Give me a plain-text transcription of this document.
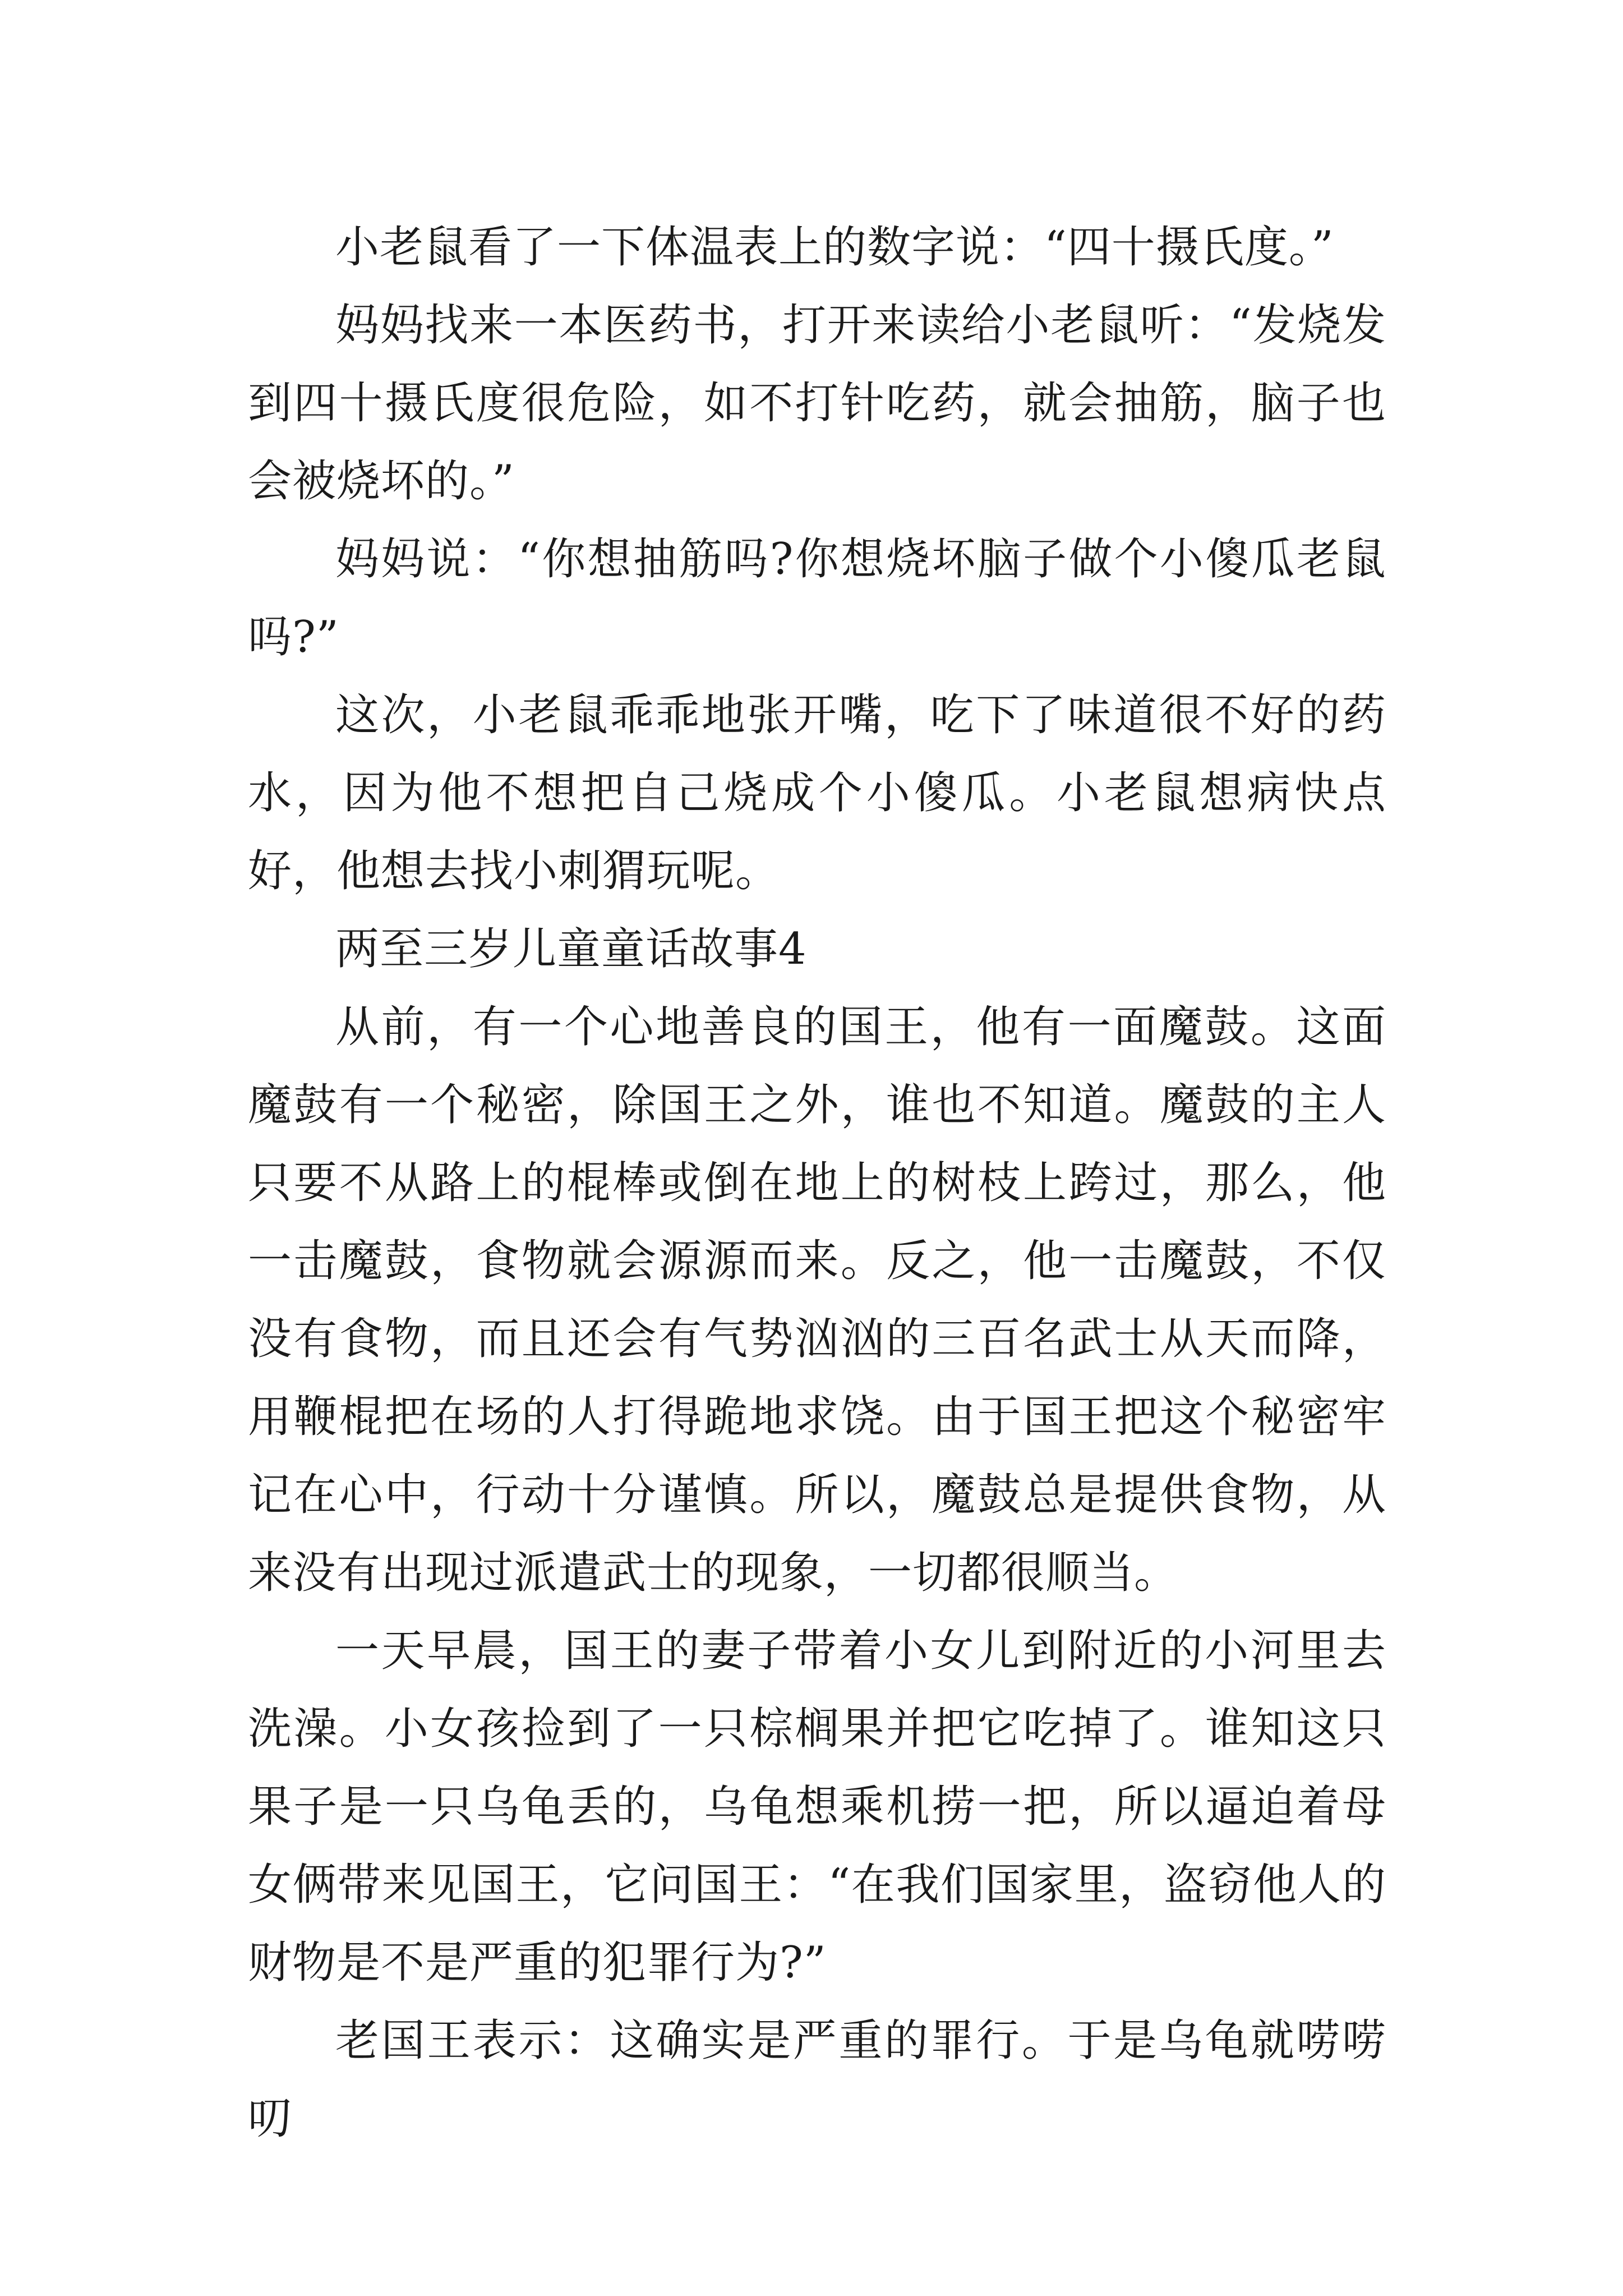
小老鼠看了一下体温表上的数字说：“四十摄氏度。”

妈妈找来一本医药书，打开来读给小老鼠听：“发烧发到四十摄氏度很危险，如不打针吃药，就会抽筋，脑子也会被烧坏的。”

妈妈说：“你想抽筋吗?你想烧坏脑子做个小傻瓜老鼠吗?”

这次，小老鼠乖乖地张开嘴，吃下了味道很不好的药水，因为他不想把自己烧成个小傻瓜。小老鼠想病快点好，他想去找小刺猬玩呢。

两至三岁儿童童话故事4

从前，有一个心地善良的国王，他有一面魔鼓。这面魔鼓有一个秘密，除国王之外，谁也不知道。魔鼓的主人只要不从路上的棍棒或倒在地上的树枝上跨过，那么，他一击魔鼓，食物就会源源而来。反之，他一击魔鼓，不仅没有食物，而且还会有气势汹汹的三百名武士从天而降，用鞭棍把在场的人打得跪地求饶。由于国王把这个秘密牢记在心中，行动十分谨慎。所以，魔鼓总是提供食物，从来没有出现过派遣武士的现象，一切都很顺当。

一天早晨，国王的妻子带着小女儿到附近的小河里去洗澡。小女孩捡到了一只棕榈果并把它吃掉了。谁知这只果子是一只乌龟丢的，乌龟想乘机捞一把，所以逼迫着母女俩带来见国王，它问国王：“在我们国家里，盗窃他人的财物是不是严重的犯罪行为?”

老国王表示：这确实是严重的罪行。于是乌龟就唠唠叨
